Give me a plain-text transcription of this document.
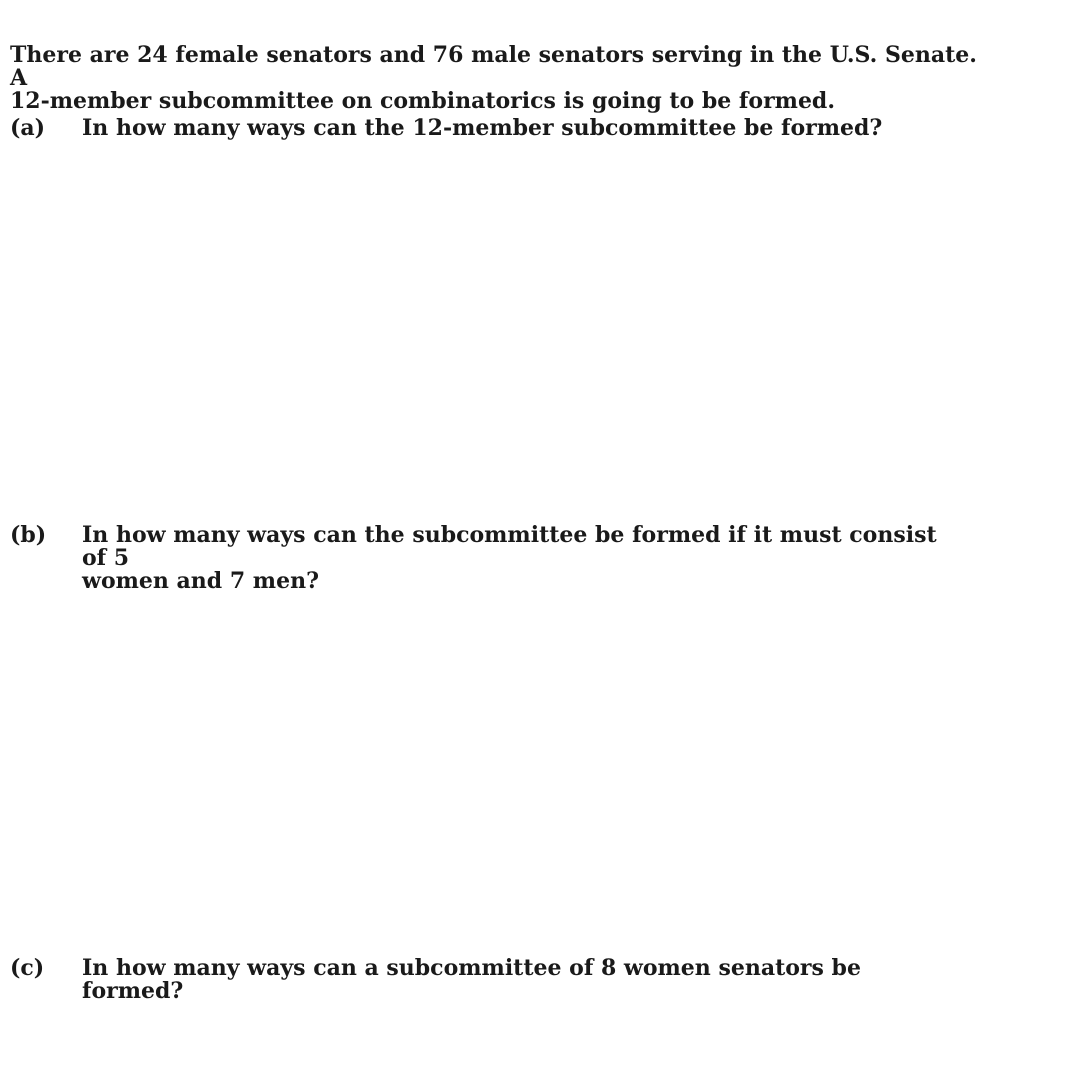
There are 24 female senators and 76 male senators serving in the U.S. Senate. A
12-member subcommittee on combinatorics is going to be formed.
(a) In how many ways can the 12-member subcommittee be formed?
(b) In how many ways can the subcommittee be formed if it must consist of 5
women and 7 men?
(c) In how many ways can a subcommittee of 8 women senators be formed?
